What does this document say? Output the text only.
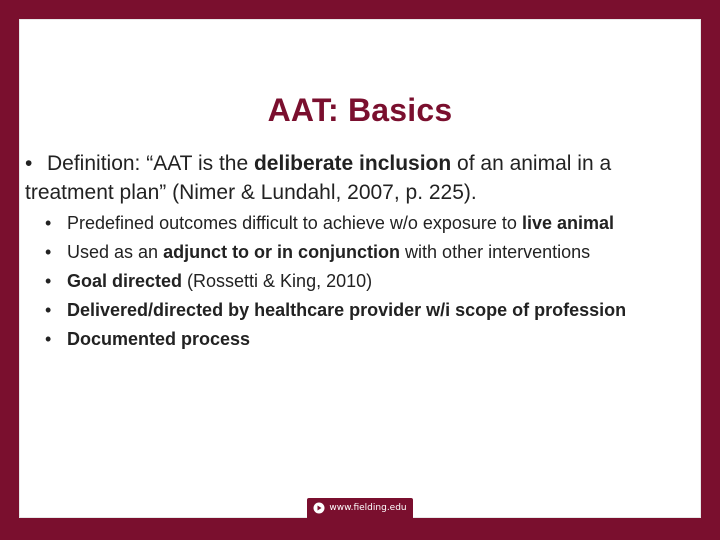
AAT: Basics
• Definition: “AAT is the deliberate inclusion of an animal in a treatment plan” (Nimer & Lundahl, 2007, p. 225).
• Predefined outcomes difficult to achieve w/o exposure to live animal
• Used as an adjunct to or in conjunction with other interventions
• Goal directed (Rossetti & King, 2010)
• Delivered/directed by healthcare provider w/i scope of profession
• Documented process
www.fielding.edu
